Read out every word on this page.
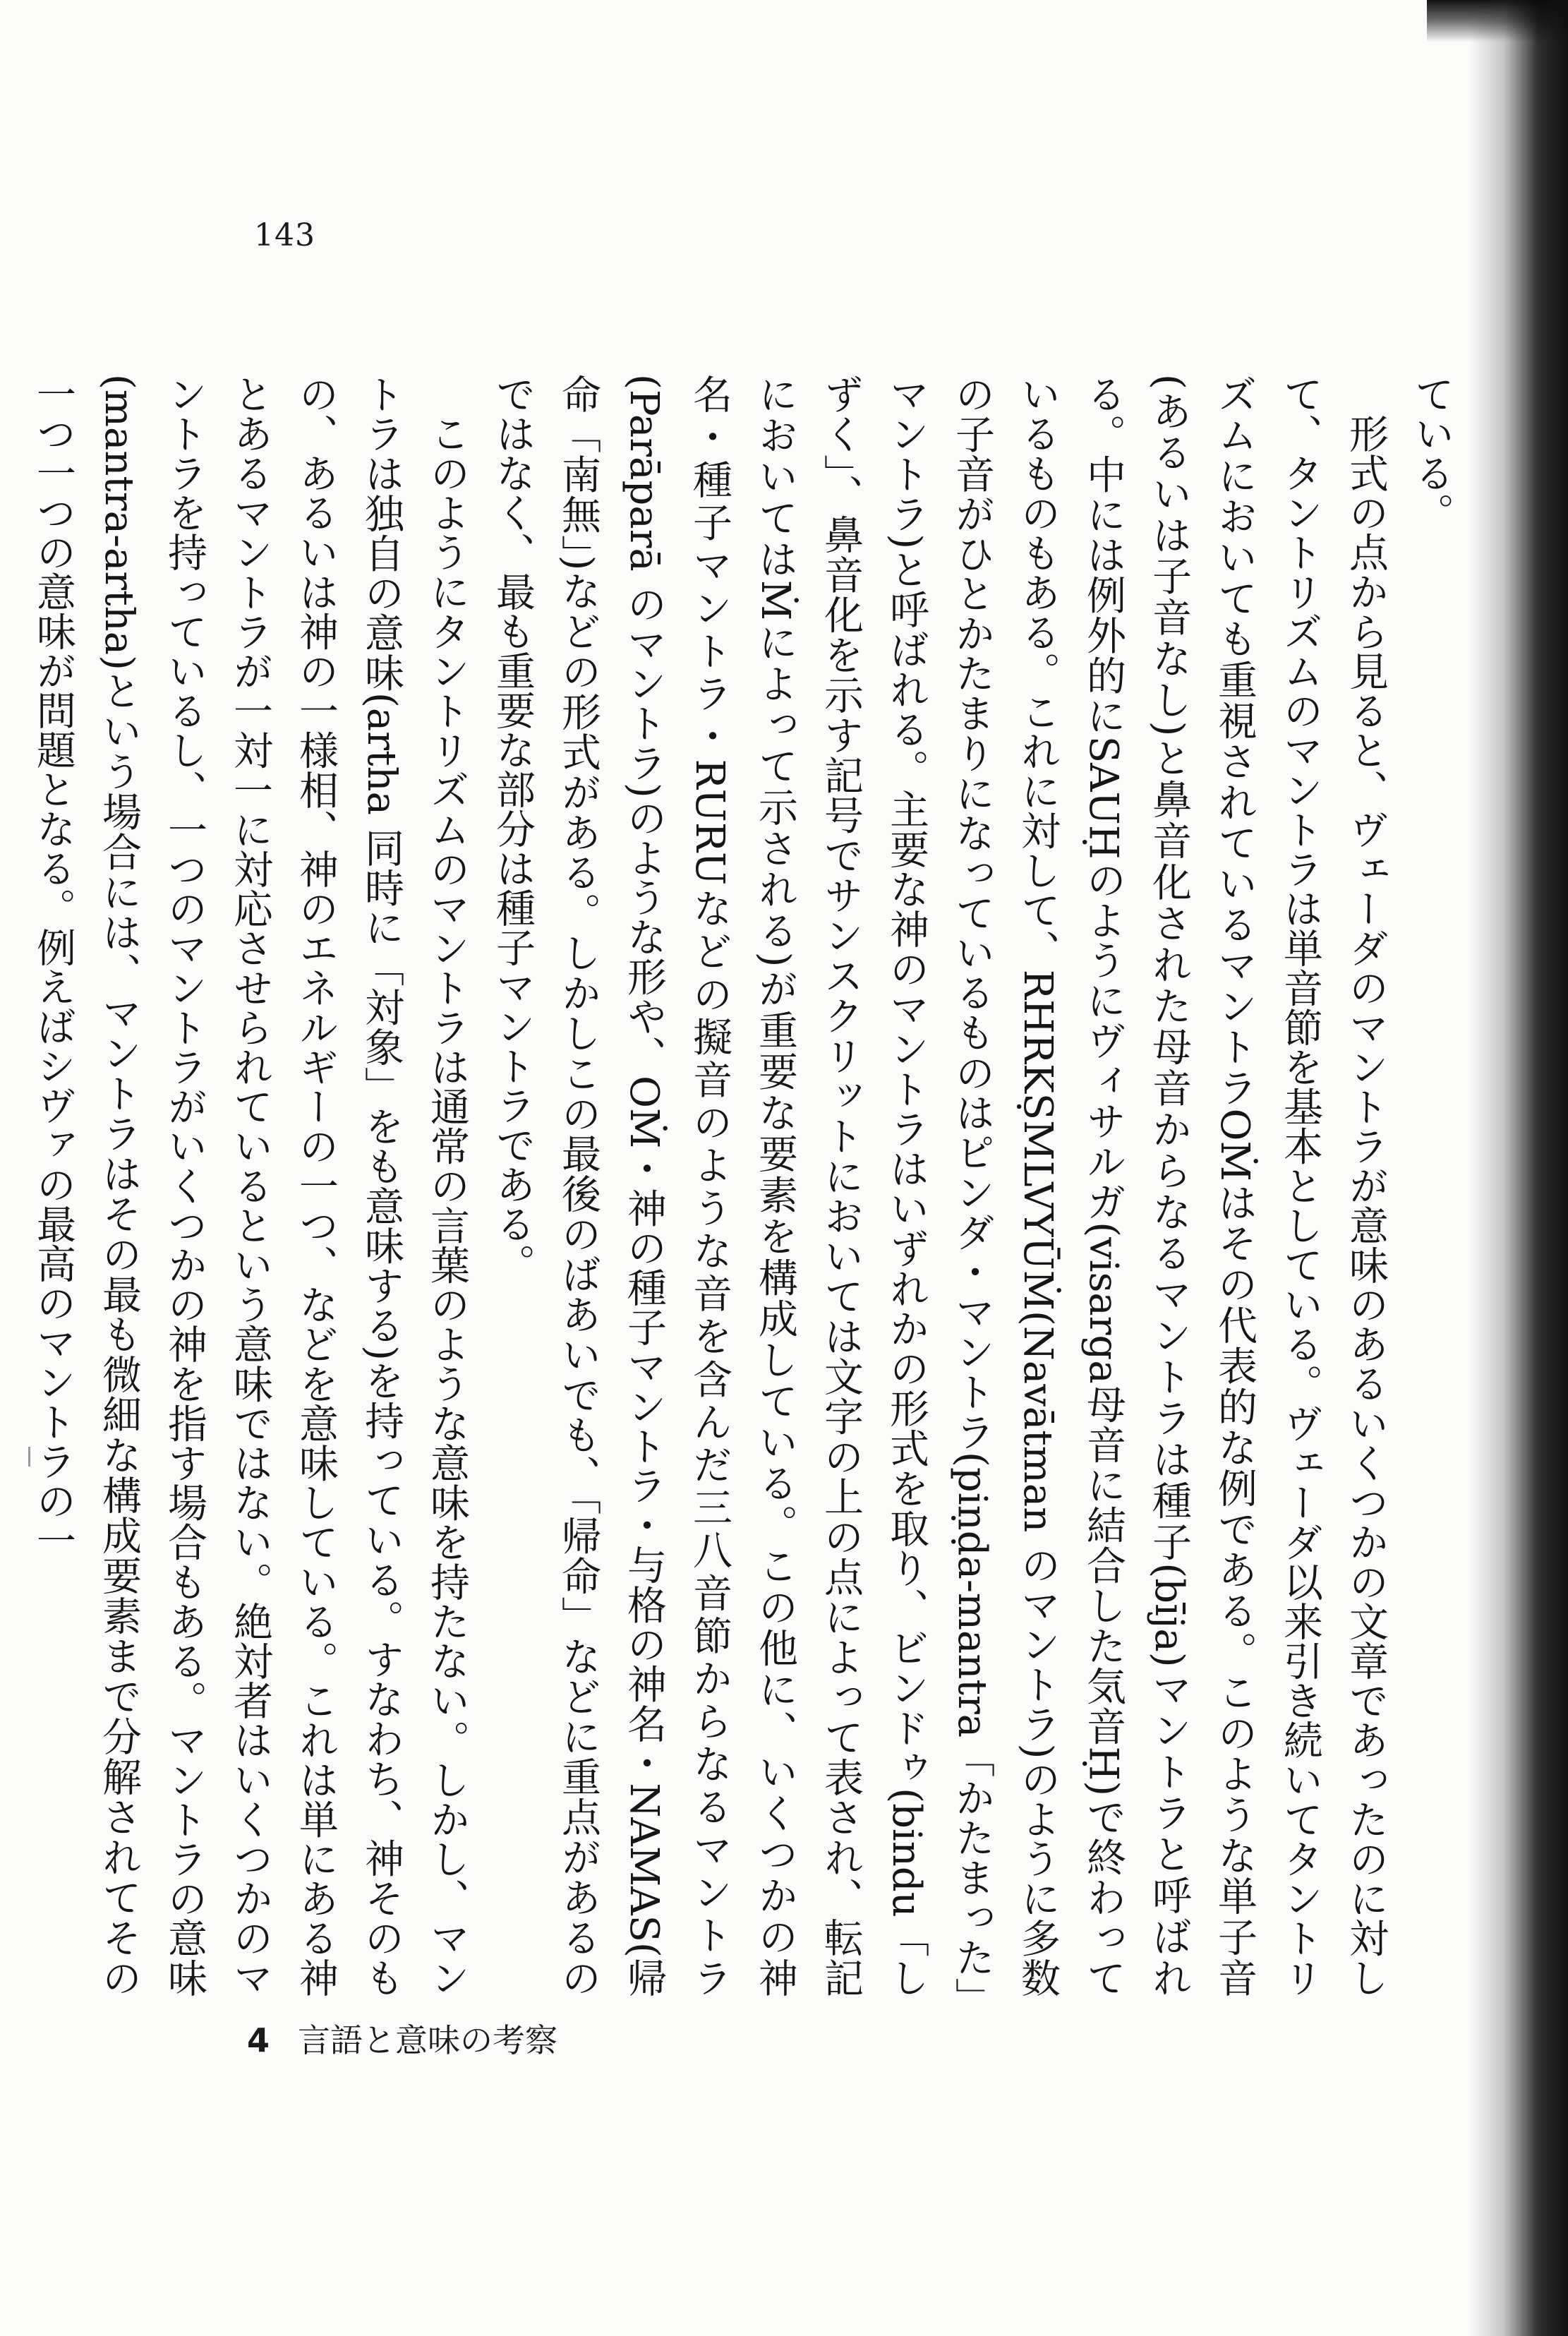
143

ている。

形式の点から見ると、ヴェーダのマントラが意味のあるいくつかの文章であったのに対して、タントリズムのマントラは単音節を基本としている。ヴェーダ以来引き続いてタントリズムにおいても重視されているマントラOṀはその代表的な例である。このような単子音(あるいは子音なし)と鼻音化された母音からなるマントラは種子(bīja)マントラと呼ばれる。中には例外的にSAUḤのようにヴィサルガ(visarga母音に結合した気音Ḥ)で終わっているものもある。これに対して、RHRKṢMLVYŪṀ(Navātman のマントラ)のように多数の子音がひとかたまりになっているものはピンダ・マントラ(piṇḍa-mantra「かたまった」マントラ)と呼ばれる。主要な神のマントラはいずれかの形式を取り、ビンドゥ(bindu「しずく」、鼻音化を示す記号でサンスクリットにおいては文字の上の点によって表され、転記においてはṀによって示される)が重要な要素を構成している。この他に、いくつかの神名・種子マントラ・RURUなどの擬音のような音を含んだ三八音節からなるマントラ(Parāparā のマントラ)のような形や、OṀ・神の種子マントラ・与格の神名・NAMAS(帰命「南無」)などの形式がある。しかしこの最後のばあいでも、「帰命」などに重点があるのではなく、最も重要な部分は種子マントラである。

このようにタントリズムのマントラは通常の言葉のような意味を持たない。しかし、マントラは独自の意味(artha 同時に「対象」をも意味する)を持っている。すなわち、神そのもの、あるいは神の一様相、神のエネルギーの一つ、などを意味している。これは単にある神とあるマントラが一対一に対応させられているという意味ではない。絶対者はいくつかのマントラを持っているし、一つのマントラがいくつかの神を指す場合もある。マントラの意味(mantra-artha)という場合には、マントラはその最も微細な構成要素まで分解されてその一つ一つの意味が問題となる。例えばシヴァの最高のマントラの一

4 言語と意味の考察
